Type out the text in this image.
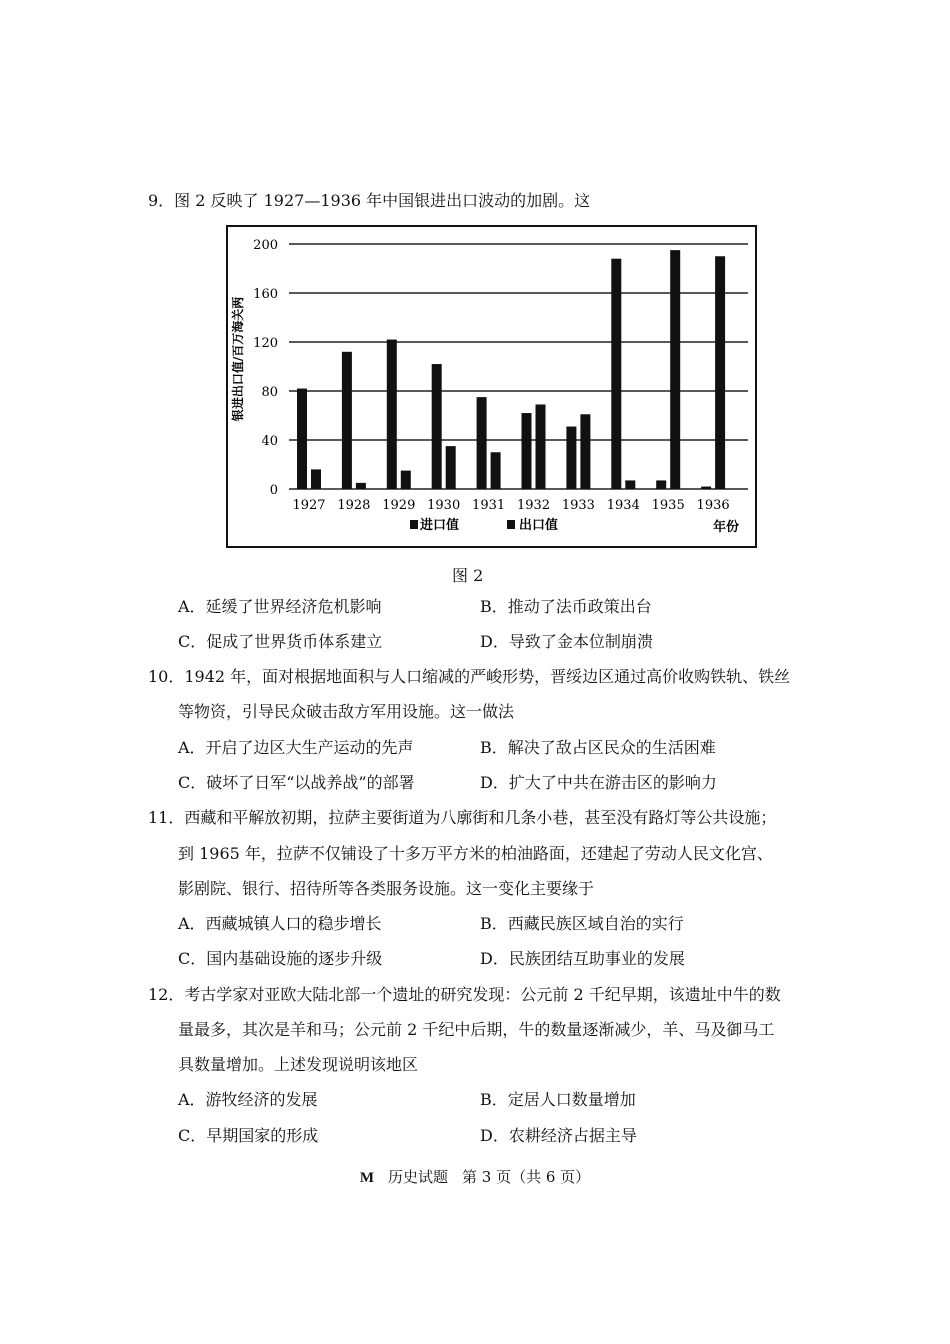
9．图 2 反映了 1927—1936 年中国银进出口波动的加剧。这
0
40
80
120
160
200
1927 1928 1929 1930 1931 1932 1933 1934 1935 1936
银进出口值/百万海关两
年份
进口值	出口值
图 2
A．延缓了世界经济危机影响	B．推动了法币政策出台
C．促成了世界货币体系建立	D．导致了金本位制崩溃
10．1942 年，面对根据地面积与人口缩减的严峻形势，晋绥边区通过高价收购铁轨、铁丝
等物资，引导民众破击敌方军用设施。这一做法
A．开启了边区大生产运动的先声	B．解决了敌占区民众的生活困难
C．破坏了日军“以战养战”的部署	D．扩大了中共在游击区的影响力
11．西藏和平解放初期，拉萨主要街道为八廓街和几条小巷，甚至没有路灯等公共设施；
到 1965 年，拉萨不仅铺设了十多万平方米的柏油路面，还建起了劳动人民文化宫、
影剧院、银行、招待所等各类服务设施。这一变化主要缘于
A．西藏城镇人口的稳步增长	B．西藏民族区域自治的实行
C．国内基础设施的逐步升级	D．民族团结互助事业的发展
12．考古学家对亚欧大陆北部一个遗址的研究发现：公元前 2 千纪早期，该遗址中牛的数
量最多，其次是羊和马；公元前 2 千纪中后期，牛的数量逐渐减少，羊、马及御马工
具数量增加。上述发现说明该地区
A．游牧经济的发展	B．定居人口数量增加
C．早期国家的形成	D．农耕经济占据主导
M 历史试题 第 3 页（共 6 页）
